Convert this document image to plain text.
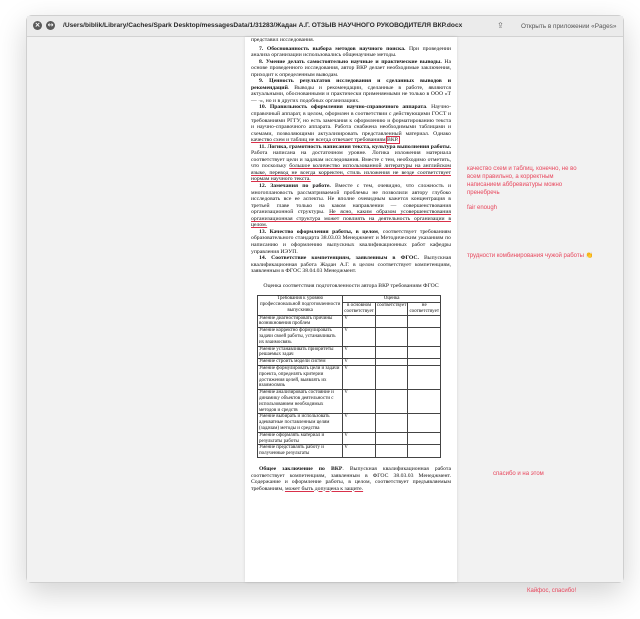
× ↔ /Users/biblik/Library/Caches/Spark Desktop/messagesData/1/31283/Жадан А.Г. ОТЗЫВ НАУЧНОГО РУКОВОДИТЕЛЯ ВКР.docx	⇪	Открыть в приложении «Pages»

представил исследования.

7. Обоснованность выбора методов научного поиска. При проведении анализа организации использовались общенаучные методы.

8. Умение делать самостоятельно научные и практические выводы. На основе проведенного исследования, автор ВКР делает необходимые заключения, приходит к определенным выводам.

9. Ценность результатов исследования и сделанных выводов и рекомендаций. Выводы и рекомендации, сделанные в работе, являются актуальными, обоснованными и практически применяемыми не только в ООО «Т — ·», но и в других подобных организациях.

10. Правильность оформления научно-справочного аппарата. Научно-справочный аппарат, в целом, оформлен в соответствии с действующими ГОСТ и требованиями РГГУ, но есть замечания к оформлению и форматированию текста и научно-справочного аппарата. Работа снабжена необходимыми таблицами и схемами, позволяющими актуализировать представленный материал. Однако качество схем и таблиц не всегда отвечает требованиям ВКР.

11. Логика, грамотность написания текста, культура выполнения работы. Работа написана на достаточном уровне. Логика изложения материала соответствует цели и задачам исследования. Вместе с тем, необходимо отметить, что поскольку большое количество использованной литературы на английском языке, перевод не всегда корректен, стиль изложения не везде соответствует нормам научного текста.

12. Замечания по работе. Вместе с тем, очевидно, что сложность и многоплановость рассматриваемой проблемы не позволили автору глубоко исследовать все ее аспекты. Не вполне очевидным кажется концентрация в третьей главе только на каком направлении — совершенствования организационной структуры. Не ясно, каким образом усовершенствования организационная структура может повлиять на деятельность организации в целом.

13. Качество оформления работы, в целом, соответствует требованиям образовательного стандарта 38.03.03 Менеджмент и Методическим указаниям по написанию и оформлению выпускных квалификационных работ кафедры управления ИЭУП.

14. Соответствие компетенциям, заявленным в ФГОС. Выпускная квалификационная работа Жадан А.Г. в целом соответствует компетенциям, заявленным в ФГОС 38.04.03 Менеджмент.

Оценка соответствия подготовленности автора ВКР требованиям ФГОС

Требования к уровню профессиональной подготовленности выпускника	Оценка		
	в основном соответствует	соответствует	не соответствует
Умение диагностировать причины возникновения проблем	V		
Умение корректно формулировать задачи своей работы, устанавливать их взаимосвязь	V		
Умение устанавливать приоритеты решаемых задач	V		
Умение строить модели систем	V		
Умение формулировать цели и задачи проекта, определять критерии достижения целей, выявлять их взаимосвязь	V		
Умение анализировать состояние и динамику объектов деятельности с использованием необходимых методов и средств	V		
Умение выбирать и использовать адекватные поставленным целям (задачам) методы и средства	V		
Умение оформлять материал и результаты работы	V		
Умение представлять работу и полученные результаты	V		

Общее заключение по ВКР. Выпускная квалификационная работа соответствует компетенциям, заявленным в ФГОС 38.03.03 Менеджмент. Содержание и оформление работы, в целом, соответствует предъявляемым требованиям, может быть допущена к защите.

качество схем и таблиц, конечно, не во всем правильно, а корректным написанием аббревиатуры можно пренебречь
fair enough
трудности комбинирования чужой работы 👏
спасибо и на этом
Кайфос, спасибо!
